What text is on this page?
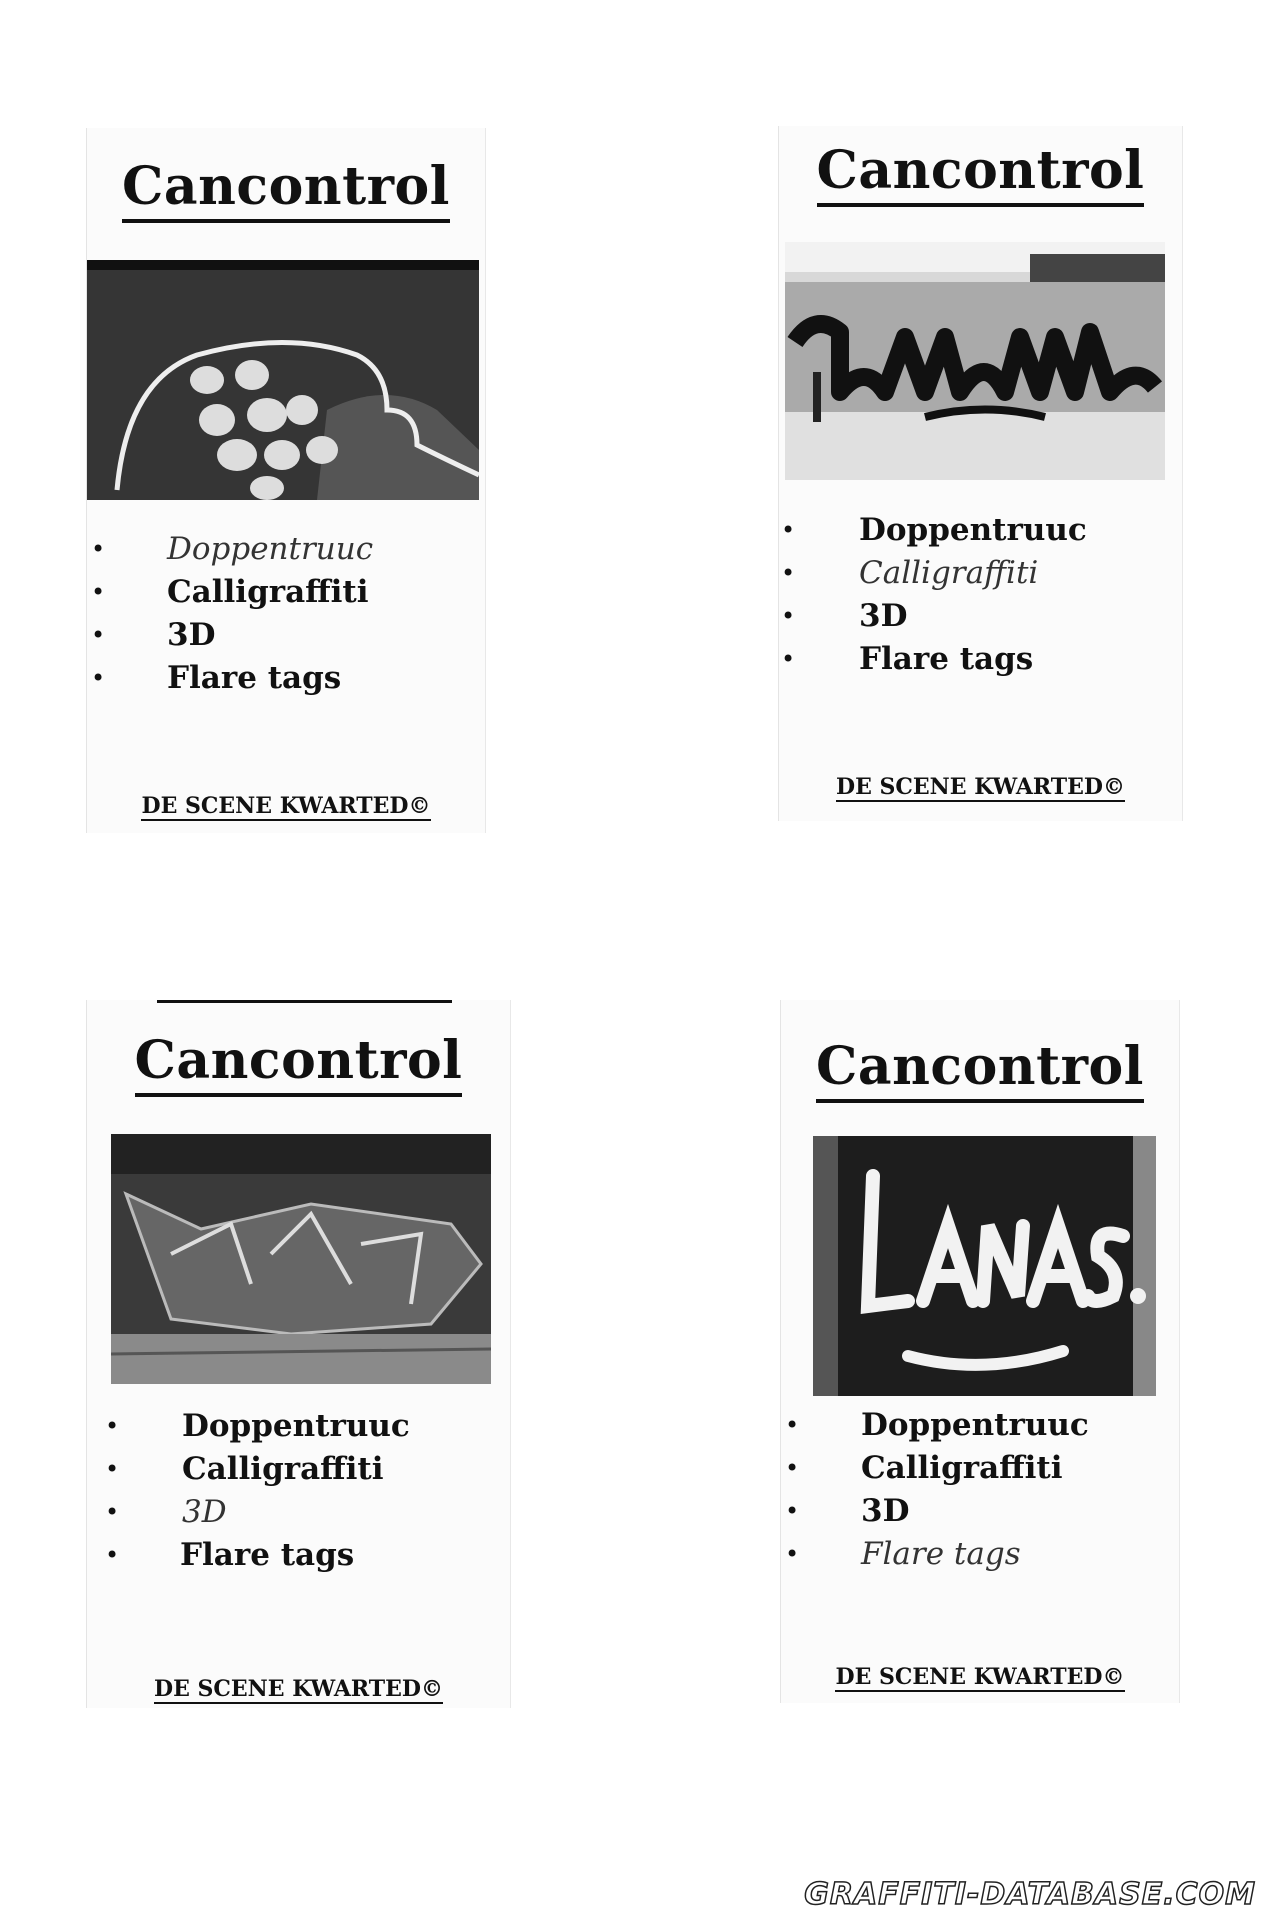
Cancontrol
• Doppentruuc
• Calligraffiti
• 3D
• Flare tags
DE SCENE KWARTED©
Cancontrol
• Doppentruuc
• Calligraffiti
• 3D
• Flare tags
DE SCENE KWARTED©
Cancontrol
• Doppentruuc
• Calligraffiti
• 3D
• Flare tags
DE SCENE KWARTED©
Cancontrol
• Doppentruuc
• Calligraffiti
• 3D
• Flare tags
DE SCENE KWARTED©
GRAFFITI-DATABASE.COM
